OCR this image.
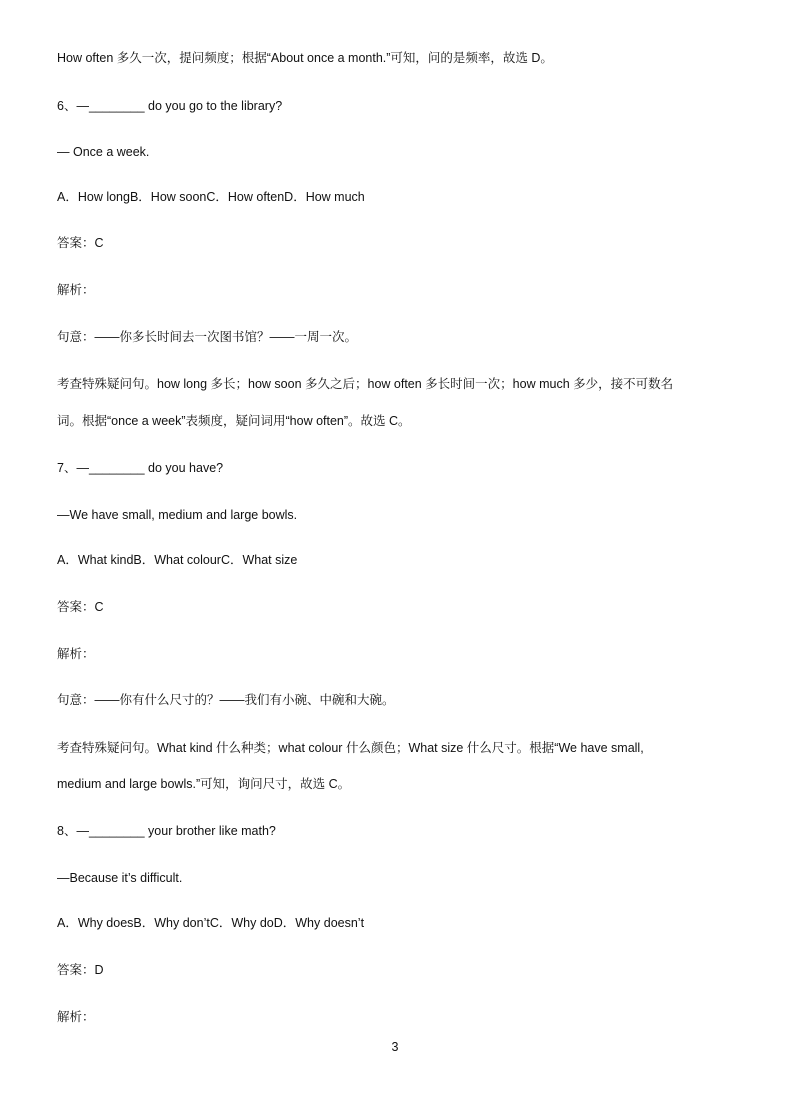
How often 多久一次，提问频度；根据“About once a month.”可知，问的是频率，故选 D。
6、—________ do you go to the library?
— Once a week.
A．How longB．How soonC．How oftenD．How much
答案：C
解析：
句意：——你多长时间去一次图书馆？——一周一次。
考查特殊疑问句。how long 多长；how soon 多久之后；how often 多长时间一次；how much 多少，接不可数名
词。根据“once a week”表频度，疑问词用“how often”。故选 C。
7、—________ do you have?
—We have small, medium and large bowls.
A．What kindB．What colourC．What size
答案：C
解析：
句意：——你有什么尺寸的？——我们有小碗、中碗和大碗。
考查特殊疑问句。What kind 什么种类；what colour 什么颜色；What size 什么尺寸。根据“We have small,
medium and large bowls.”可知，询问尺寸，故选 C。
8、—________ your brother like math?
—Because it’s difficult.
A．Why doesB．Why don’tC．Why doD．Why doesn’t
答案：D
解析：
3
